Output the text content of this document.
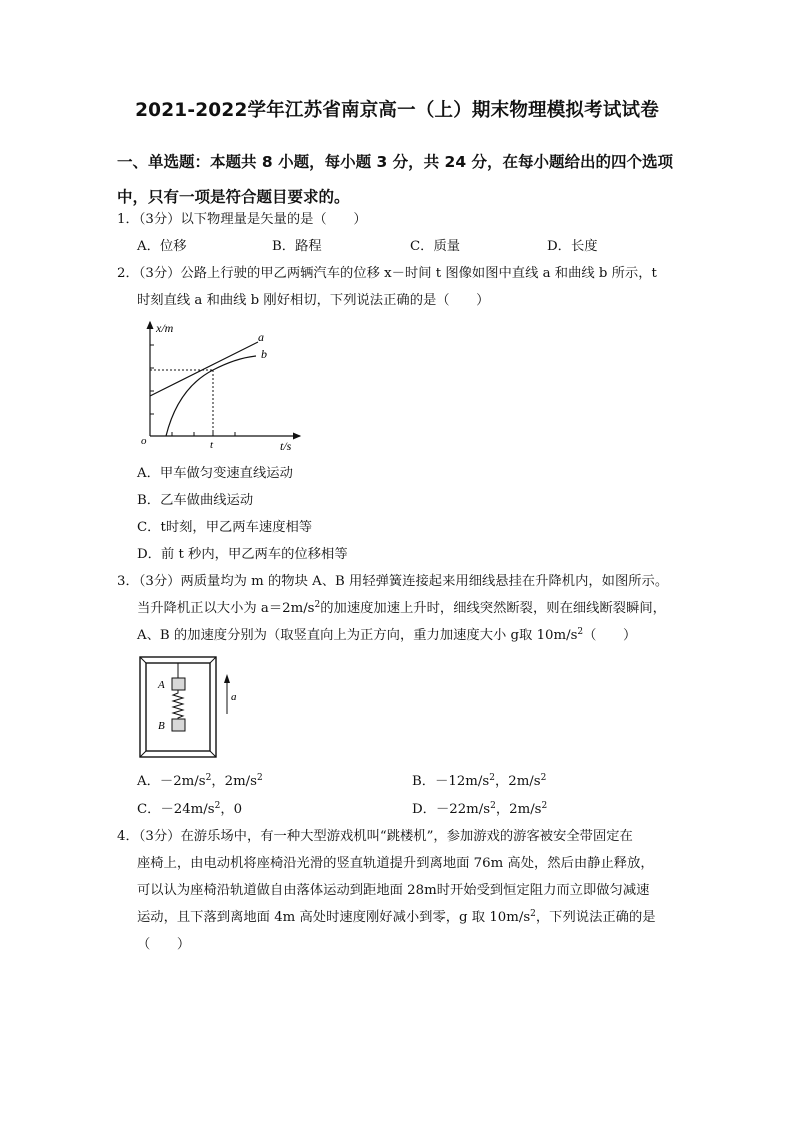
2021-2022学年江苏省南京高一（上）期末物理模拟考试试卷
一、单选题：本题共 8 小题，每小题 3 分，共 24 分，在每小题给出的四个选项
中，只有一项是符合题目要求的。
1．（3分）以下物理量是矢量的是（　　）
A．位移	B．路程	C．质量	D．长度
2．（3分）公路上行驶的甲乙两辆汽车的位移 x－时间 t 图像如图中直线 a 和曲线 b 所示，t
时刻直线 a 和曲线 b 刚好相切，下列说法正确的是（　　）
x/m
t/s
o	t
a
b
A．甲车做匀变速直线运动
B．乙车做曲线运动
C．t时刻，甲乙两车速度相等
D．前 t 秒内，甲乙两车的位移相等
3．（3分）两质量均为 m 的物块 A、B 用轻弹簧连接起来用细线悬挂在升降机内，如图所示。
当升降机正以大小为 $a=2m/s^2$的加速度加速上升时，细线突然断裂，则在细线断裂瞬间，
A、B 的加速度分别为（取竖直向上为正方向，重力加速度大小 g取 $10m/s^2$（　　）
A
B
a
A．$-2m/s^2$，$2m/s^2$	B．$-12m/s^2$，$2m/s^2$
C．$-24m/s^2$，0	D．$-22m/s^2$，$2m/s^2$
4．（3分）在游乐场中，有一种大型游戏机叫“跳楼机”，参加游戏的游客被安全带固定在
座椅上，由电动机将座椅沿光滑的竖直轨道提升到离地面 76m 高处，然后由静止释放，
可以认为座椅沿轨道做自由落体运动到距地面 28m时开始受到恒定阻力而立即做匀减速
运动，且下落到离地面 4m 高处时速度刚好减小到零，g 取 $10m/s^2$，下列说法正确的是
（　　）
